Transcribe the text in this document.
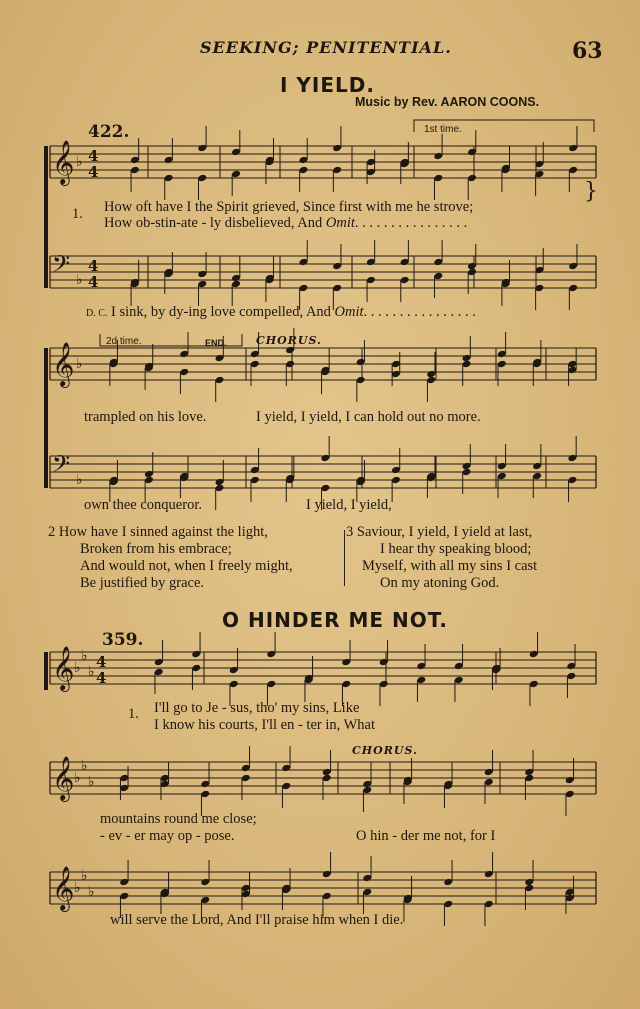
SEEKING; PENITENTIAL.	63
I YIELD.
Music by Rev. AARON COONS.
422.	1st time.
2d time.	END.	CHORUS.
1. How oft have I the Spirit grieved, Since first with me he strove;
How ob-stin-ate - ly disbelieved, And Omit. . . . . . . . . . . . . . . .
D. C. I sink, by dy-ing love compelled, And Omit. . . . . . . . . . . . . . . .
trampled on his love.	I yield, I yield, I can hold out no more.
own thee conqueror.	I yield, I yield,
2 How have I sinned against the light,
Broken from his embrace;
And would not, when I freely might,
Be justified by grace.
3 Saviour, I yield, I yield at last,
I hear thy speaking blood;
Myself, with all my sins I cast
On my atoning God.
O HINDER ME NOT.
359.
1. I'll go to Je - sus, tho' my sins, Like
I know his courts, I'll en - ter in, What
CHORUS.
mountains round me close;
- ev - er may op - pose.	O hin - der me not, for I
will serve the Lord, And I'll praise him when I die.
𝄞 ♭ 4
4
𝄢 ♭
4
4
}
𝄞 ♭
𝄢 ♭
𝄞 ♭
♭
♭
4
4
𝄞 ♭
♭
♭
𝄞 ♭
♭
♭
